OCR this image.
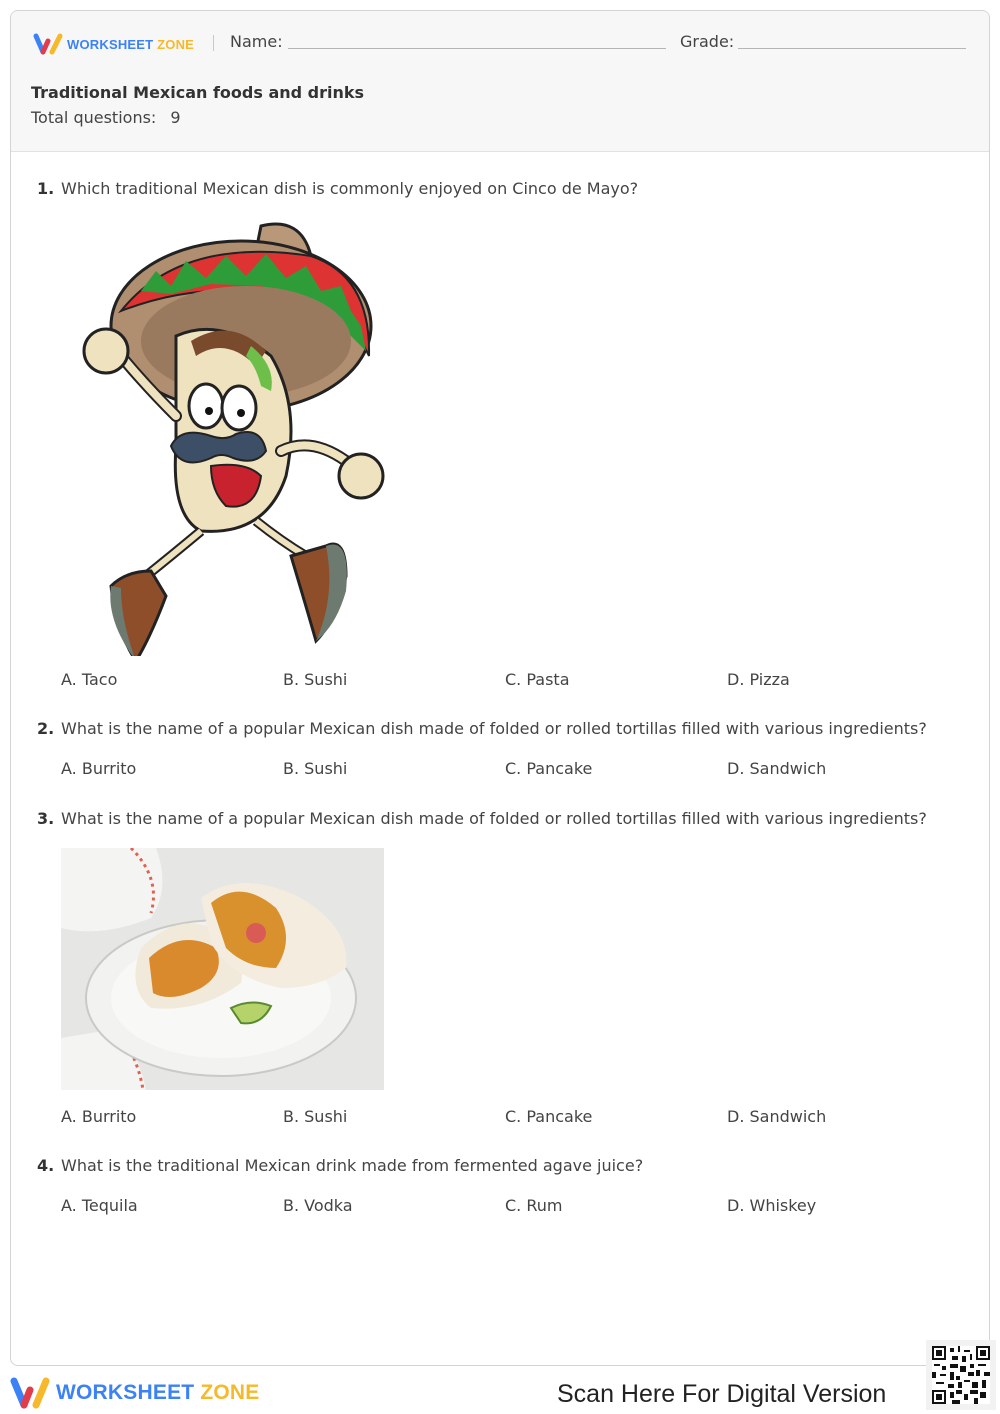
WORKSHEET ZONE Name:	Grade:
Traditional Mexican foods and drinks
Total questions: 9
1. Which traditional Mexican dish is commonly enjoyed on Cinco de Mayo?
A. Taco	B. Sushi	C. Pasta	D. Pizza
2. What is the name of a popular Mexican dish made of folded or rolled tortillas filled with various ingredients?
A. Burrito	B. Sushi	C. Pancake	D. Sandwich
3. What is the name of a popular Mexican dish made of folded or rolled tortillas filled with various ingredients?
A. Burrito	B. Sushi	C. Pancake	D. Sandwich
4. What is the traditional Mexican drink made from fermented agave juice?
A. Tequila	B. Vodka	C. Rum	D. Whiskey
WORKSHEET ZONE	Scan Here For Digital Version
